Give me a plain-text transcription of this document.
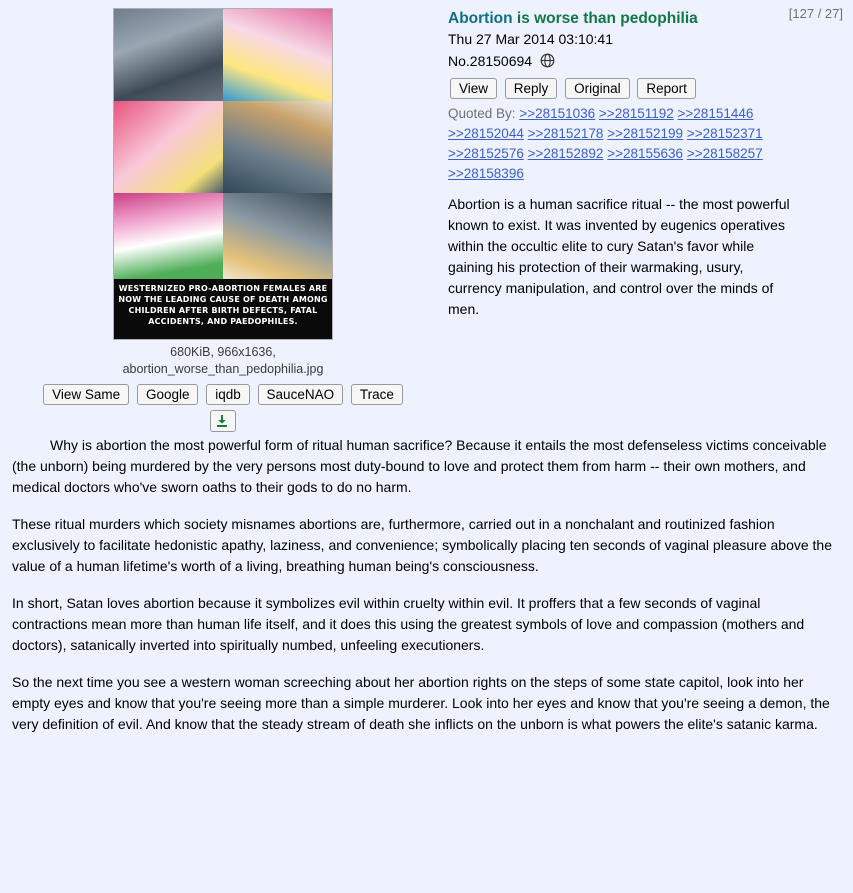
[127 / 27]
WESTERNIZED PRO-ABORTION FEMALES ARE NOW THE LEADING CAUSE OF DEATH AMONG CHILDREN AFTER BIRTH DEFECTS, FATAL ACCIDENTS, AND PAEDOPHILES.
680KiB, 966x1636,
abortion_worse_than_pedophilia.jpg
View Same Google iqdb SauceNAO Trace
Abortion is worse than pedophilia
Thu 27 Mar 2014 03:10:41
No.28150694
View Reply Original Report
Quoted By: >>28151036 >>28151192 >>28151446 >>28152044 >>28152178 >>28152199 >>28152371 >>28152576 >>28152892 >>28155636 >>28158257 >>28158396
Abortion is a human sacrifice ritual -- the most powerful known to exist. It was invented by eugenics operatives within the occultic elite to cury Satan's favor while gaining his protection of their warmaking, usury, currency manipulation, and control over the minds of men.

Why is abortion the most powerful form of ritual human sacrifice? Because it entails the most defenseless victims conceivable (the unborn) being murdered by the very persons most duty-bound to love and protect them from harm -- their own mothers, and medical doctors who've sworn oaths to their gods to do no harm.

These ritual murders which society misnames abortions are, furthermore, carried out in a nonchalant and routinized fashion exclusively to facilitate hedonistic apathy, laziness, and convenience; symbolically placing ten seconds of vaginal pleasure above the value of a human lifetime's worth of a living, breathing human being's consciousness.

In short, Satan loves abortion because it symbolizes evil within cruelty within evil. It proffers that a few seconds of vaginal contractions mean more than human life itself, and it does this using the greatest symbols of love and compassion (mothers and doctors), satanically inverted into spiritually numbed, unfeeling executioners.

So the next time you see a western woman screeching about her abortion rights on the steps of some state capitol, look into her empty eyes and know that you're seeing more than a simple murderer. Look into her eyes and know that you're seeing a demon, the very definition of evil. And know that the steady stream of death she inflicts on the unborn is what powers the elite's satanic karma.
